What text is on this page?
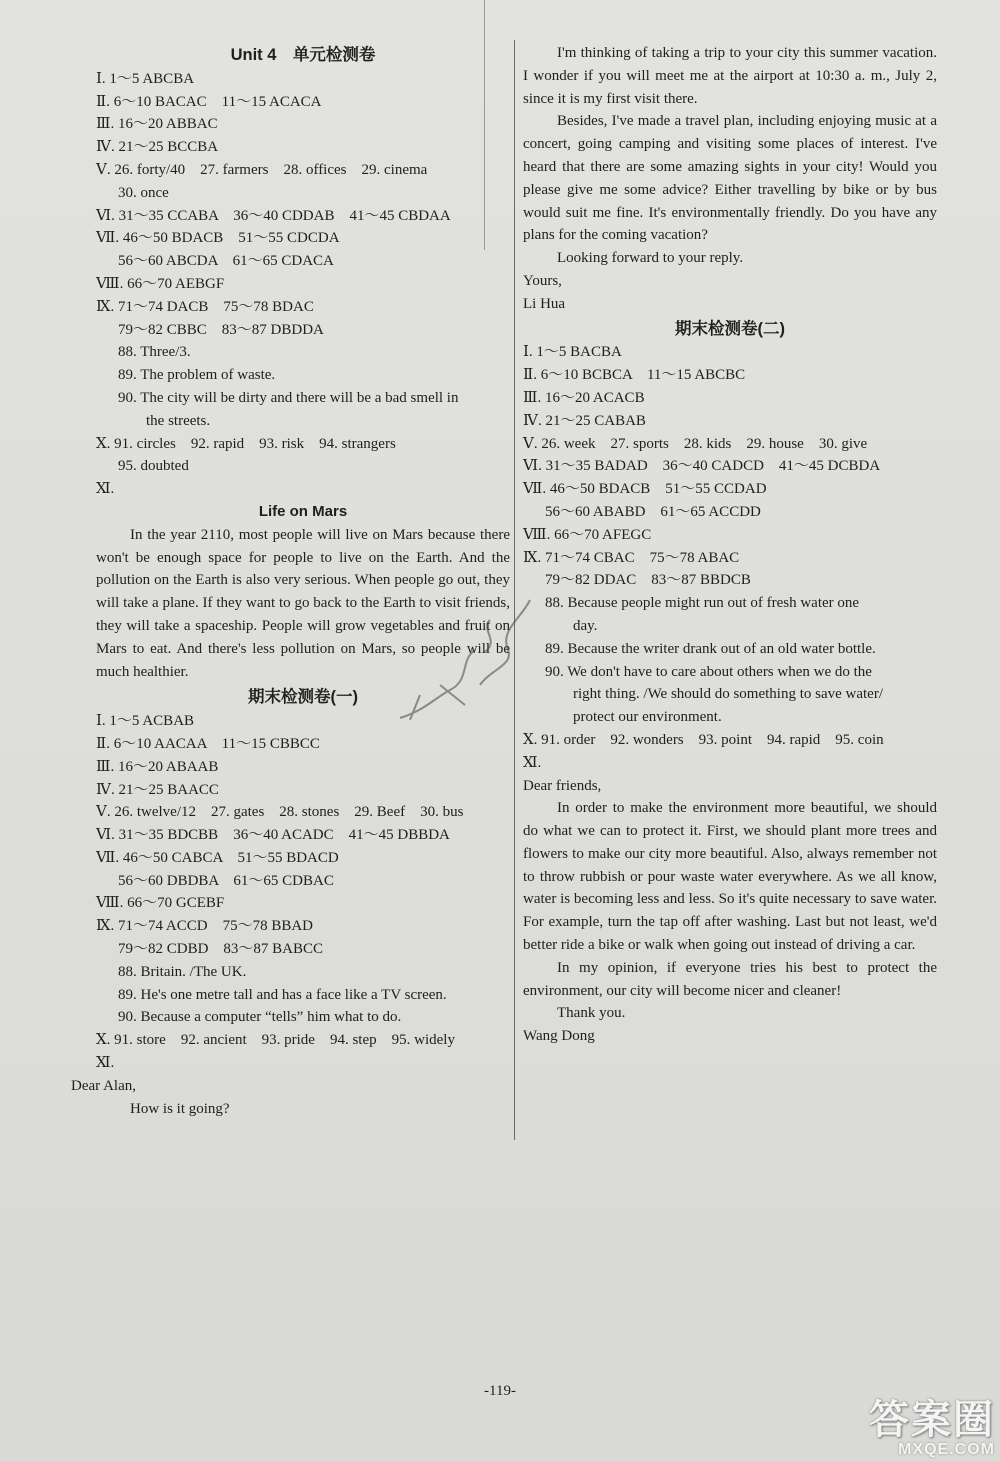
Unit 4　单元检测卷
Ⅰ. 1～5 ABCBA
Ⅱ. 6～10 BACAC　11～15 ACACA
Ⅲ. 16～20 ABBAC
Ⅳ. 21～25 BCCBA
Ⅴ. 26. forty/40　27. farmers　28. offices　29. cinema
30. once
Ⅵ. 31～35 CCABA　36～40 CDDAB　41～45 CBDAA
Ⅶ. 46～50 BDACB　51～55 CDCDA
56～60 ABCDA　61～65 CDACA
Ⅷ. 66～70 AEBGF
Ⅸ. 71～74 DACB　75～78 BDAC
79～82 CBBC　83～87 DBDDA
88. Three/3.
89. The problem of waste.
90. The city will be dirty and there will be a bad smell in
the streets.
Ⅹ. 91. circles　92. rapid　93. risk　94. strangers
95. doubted
Ⅺ.
Life on Mars
In the year 2110, most people will live on Mars because there won't be enough space for people to live on the Earth. And the pollution on the Earth is also very serious. When people go out, they will take a plane. If they want to go back to the Earth to visit friends, they will take a spaceship. People will grow vegetables and fruit on Mars to eat. And there's less pollution on Mars, so people will be much healthier.
期末检测卷(一)
Ⅰ. 1～5 ACBAB
Ⅱ. 6～10 AACAA　11～15 CBBCC
Ⅲ. 16～20 ABAAB
Ⅳ. 21～25 BAACC
Ⅴ. 26. twelve/12　27. gates　28. stones　29. Beef　30. bus
Ⅵ. 31～35 BDCBB　36～40 ACADC　41～45 DBBDA
Ⅶ. 46～50 CABCA　51～55 BDACD
56～60 DBDBA　61～65 CDBAC
Ⅷ. 66～70 GCEBF
Ⅸ. 71～74 ACCD　75～78 BBAD
79～82 CDBD　83～87 BABCC
88. Britain. /The UK.
89. He's one metre tall and has a face like a TV screen.
90. Because a computer “tells” him what to do.
Ⅹ. 91. store　92. ancient　93. pride　94. step　95. widely
Ⅺ.
Dear Alan,
How is it going?
I'm thinking of taking a trip to your city this summer vacation. I wonder if you will meet me at the airport at 10:30 a. m., July 2, since it is my first visit there.
Besides, I've made a travel plan, including enjoying music at a concert, going camping and visiting some places of interest. I've heard that there are some amazing sights in your city! Would you please give me some advice? Either travelling by bike or by bus would suit me fine. It's environmentally friendly. Do you have any plans for the coming vacation?
Looking forward to your reply.
Yours,
Li Hua
期末检测卷(二)
Ⅰ. 1～5 BACBA
Ⅱ. 6～10 BCBCA　11～15 ABCBC
Ⅲ. 16～20 ACACB
Ⅳ. 21～25 CABAB
Ⅴ. 26. week　27. sports　28. kids　29. house　30. give
Ⅵ. 31～35 BADAD　36～40 CADCD　41～45 DCBDA
Ⅶ. 46～50 BDACB　51～55 CCDAD
56～60 ABABD　61～65 ACCDD
Ⅷ. 66～70 AFEGC
Ⅸ. 71～74 CBAC　75～78 ABAC
79～82 DDAC　83～87 BBDCB
88. Because people might run out of fresh water one
day.
89. Because the writer drank out of an old water bottle.
90. We don't have to care about others when we do the
right thing. /We should do something to save water/
protect our environment.
Ⅹ. 91. order　92. wonders　93. point　94. rapid　95. coin
Ⅺ.
Dear friends,
In order to make the environment more beautiful, we should do what we can to protect it. First, we should plant more trees and flowers to make our city more beautiful. Also, always remember not to throw rubbish or pour waste water everywhere. As we all know, water is becoming less and less. So it's quite necessary to save water. For example, turn the tap off after washing. Last but not least, we'd better ride a bike or walk when going out instead of driving a car.
In my opinion, if everyone tries his best to protect the environment, our city will become nicer and cleaner!
Thank you.
Wang Dong
-119-
答案圈
MXQE.COM
